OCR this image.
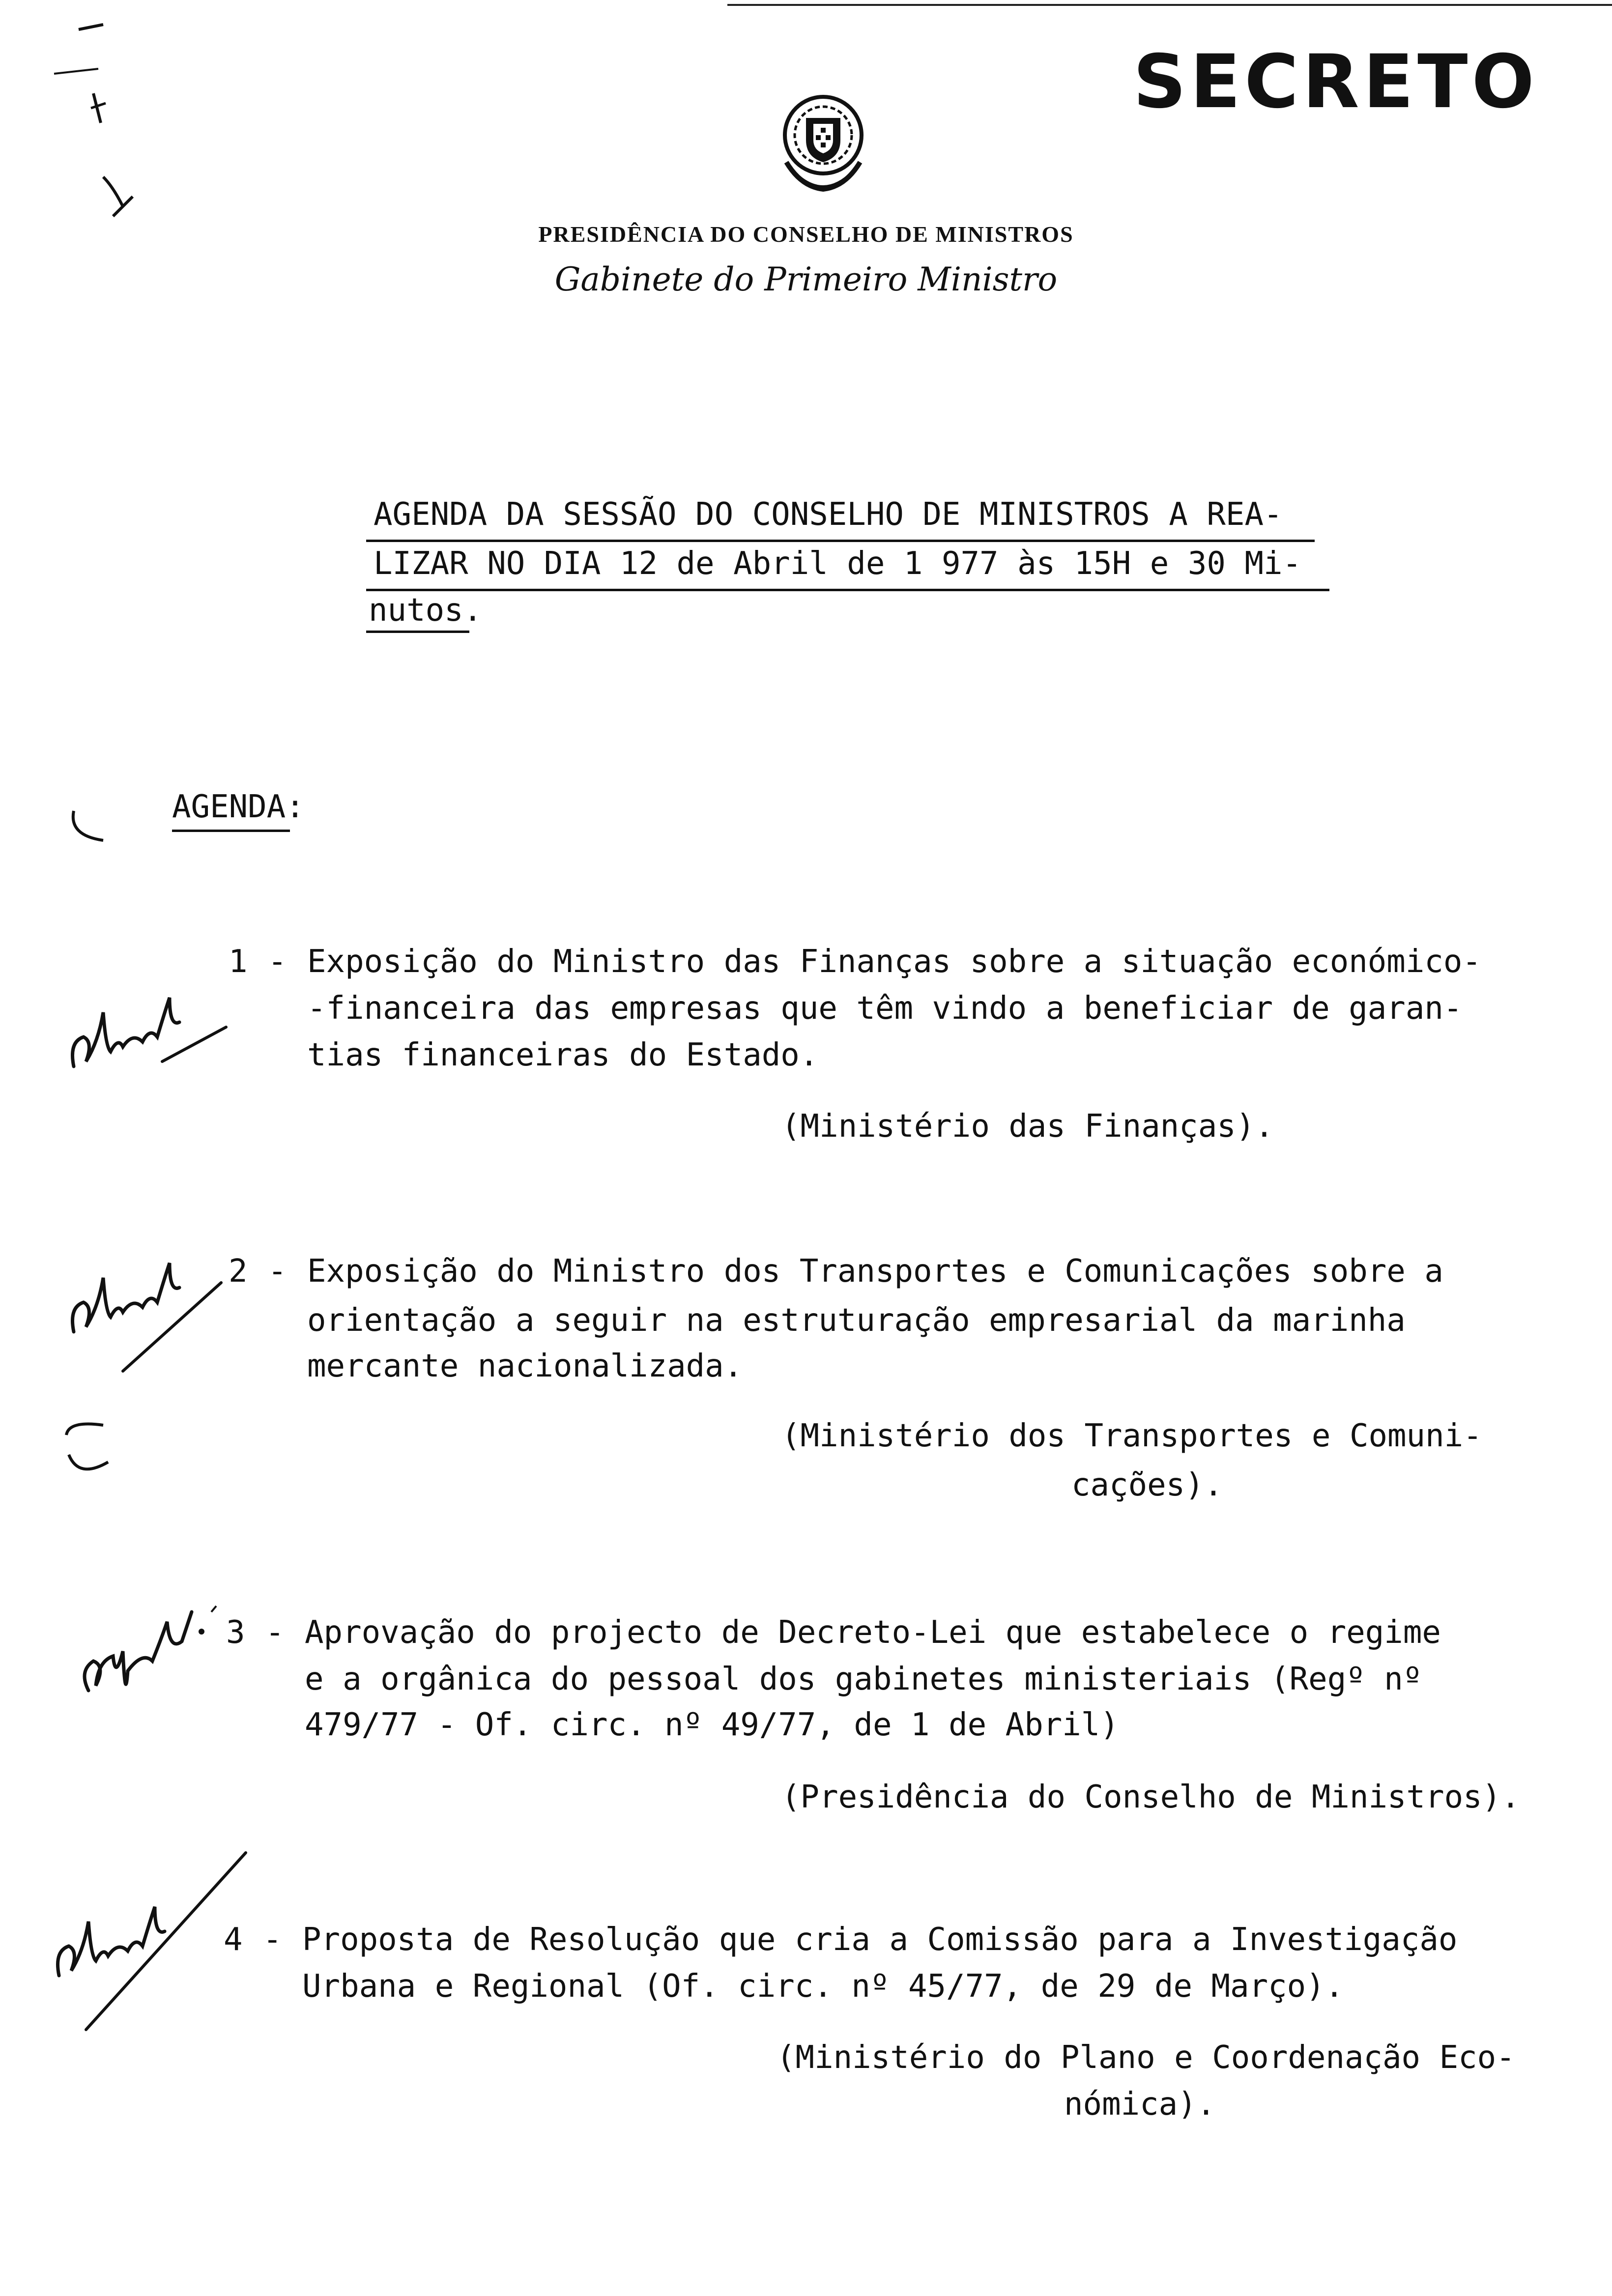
SECRETO
PRESIDÊNCIA DO CONSELHO DE MINISTROS
Gabinete do Primeiro Ministro
AGENDA DA SESSÃO DO CONSELHO DE MINISTROS A REA-
LIZAR NO DIA 12 de Abril de 1 977 às 15H e 30 Mi-
nutos.
AGENDA:
1 - Exposição do Ministro das Finanças sobre a situação económico-
-financeira das empresas que têm vindo a beneficiar de garan-
tias financeiras do Estado.
(Ministério das Finanças).
2 - Exposição do Ministro dos Transportes e Comunicações sobre a
orientação a seguir na estruturação empresarial da marinha
mercante nacionalizada.
(Ministério dos Transportes e Comuni-
cações).
3 - Aprovação do projecto de Decreto-Lei que estabelece o regime
e a orgânica do pessoal dos gabinetes ministeriais (Regº nº
479/77 - Of. circ. nº 49/77, de 1 de Abril)
(Presidência do Conselho de Ministros).
4 - Proposta de Resolução que cria a Comissão para a Investigação
Urbana e Regional (Of. circ. nº 45/77, de 29 de Março).
(Ministério do Plano e Coordenação Eco-
nómica).
